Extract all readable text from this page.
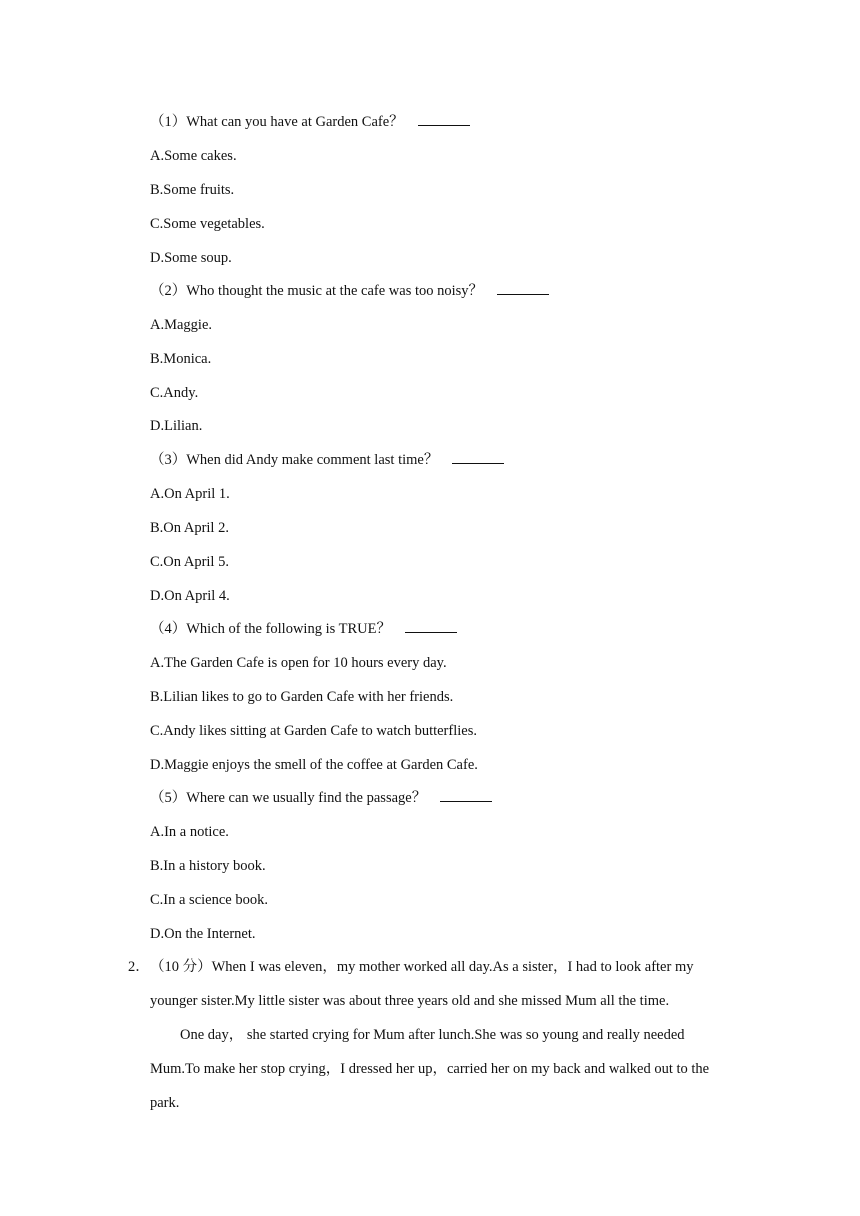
（1）What can you have at Garden Cafe？
A.Some cakes.
B.Some fruits.
C.Some vegetables.
D.Some soup.
（2）Who thought the music at the cafe was too noisy？
A.Maggie.
B.Monica.
C.Andy.
D.Lilian.
（3）When did Andy make comment last time？
A.On April 1.
B.On April 2.
C.On April 5.
D.On April 4.
（4）Which of the following is TRUE？
A.The Garden Cafe is open for 10 hours every day.
B.Lilian likes to go to Garden Cafe with her friends.
C.Andy likes sitting at Garden Cafe to watch butterflies.
D.Maggie enjoys the smell of the coffee at Garden Cafe.
（5）Where can we usually find the passage？
A.In a notice.
B.In a history book.
C.In a science book.
D.On the Internet.
2． （10 分）When I was eleven，my mother worked all day.As a sister，I had to look after my
younger sister.My little sister was about three years old and she missed Mum all the time.
One day， she started crying for Mum after lunch.She was so young and really needed
Mum.To make her stop crying，I dressed her up，carried her on my back and walked out to the
park.
